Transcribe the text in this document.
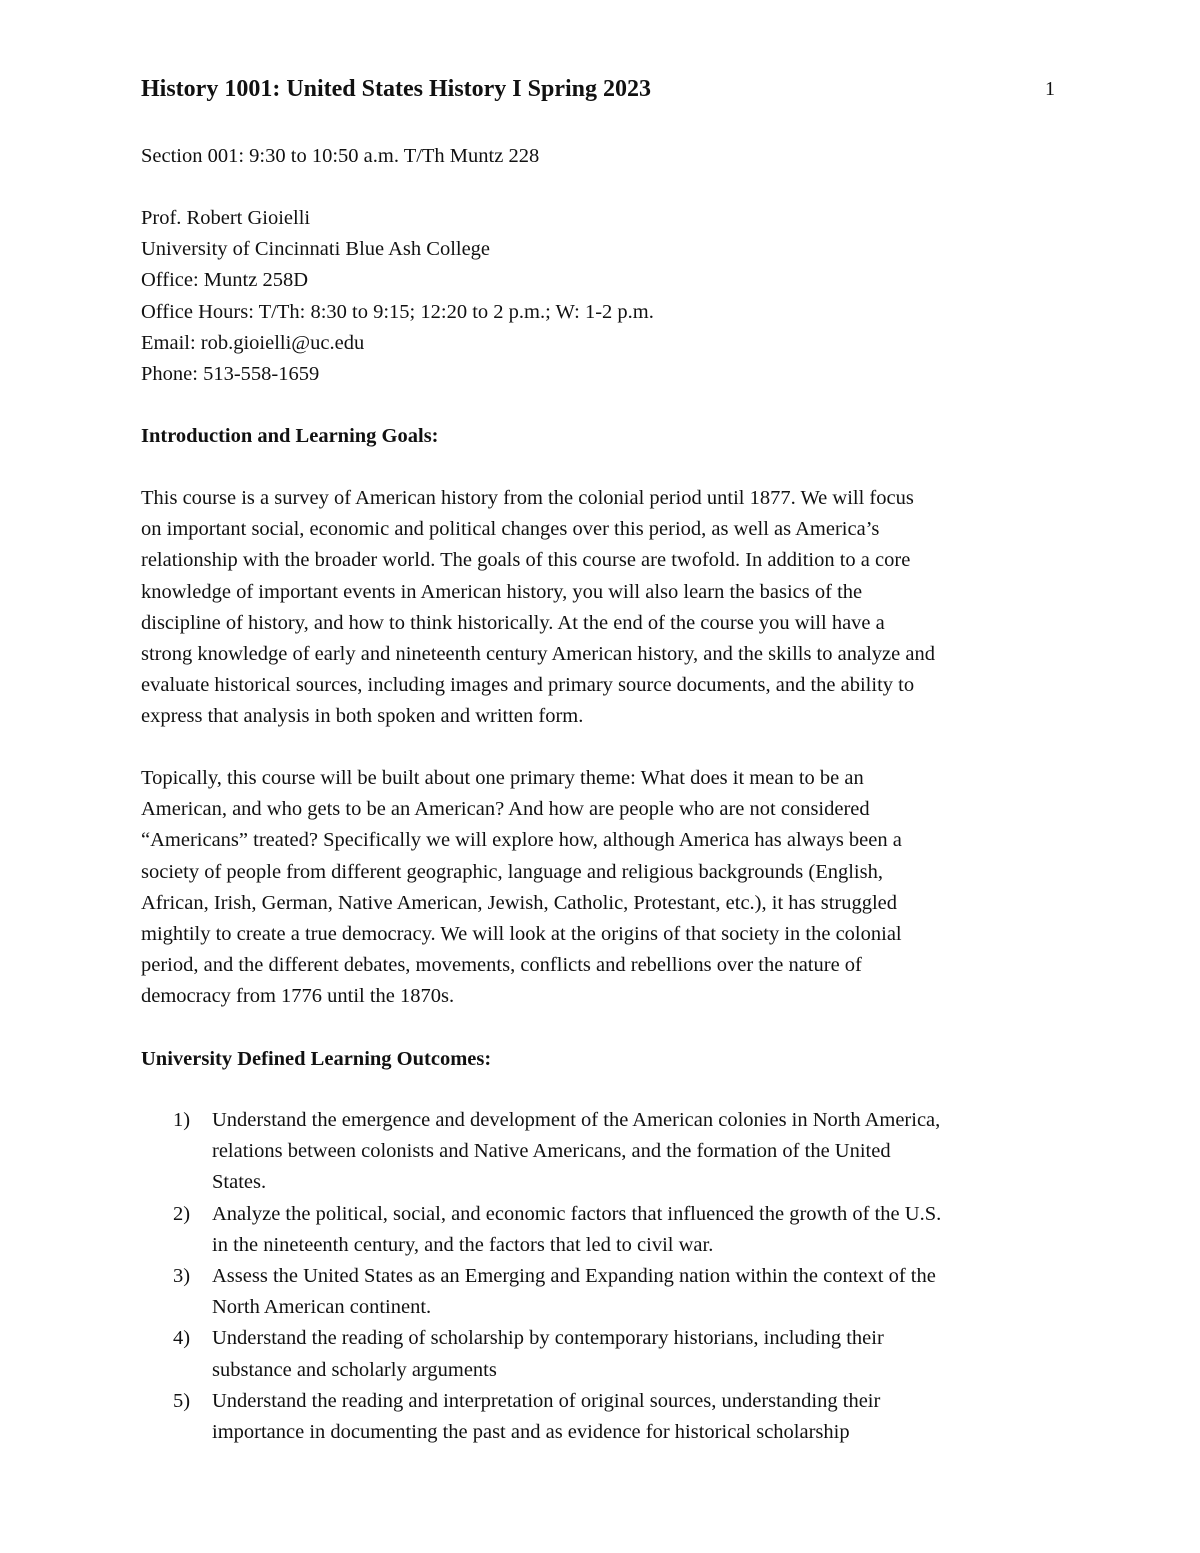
History 1001: United States History I Spring 2023	1
Section 001: 9:30 to 10:50 a.m. T/Th Muntz 228
Prof. Robert Gioielli
University of Cincinnati Blue Ash College
Office: Muntz 258D
Office Hours: T/Th: 8:30 to 9:15; 12:20 to 2 p.m.; W: 1-2 p.m.
Email: rob.gioielli@uc.edu
Phone: 513-558-1659
Introduction and Learning Goals:

This course is a survey of American history from the colonial period until 1877. We will focus
on important social, economic and political changes over this period, as well as America’s
relationship with the broader world. The goals of this course are twofold. In addition to a core
knowledge of important events in American history, you will also learn the basics of the
discipline of history, and how to think historically. At the end of the course you will have a
strong knowledge of early and nineteenth century American history, and the skills to analyze and
evaluate historical sources, including images and primary source documents, and the ability to
express that analysis in both spoken and written form.

Topically, this course will be built about one primary theme: What does it mean to be an
American, and who gets to be an American? And how are people who are not considered
“Americans” treated? Specifically we will explore how, although America has always been a
society of people from different geographic, language and religious backgrounds (English,
African, Irish, German, Native American, Jewish, Catholic, Protestant, etc.), it has struggled
mightily to create a true democracy. We will look at the origins of that society in the colonial
period, and the different debates, movements, conflicts and rebellions over the nature of
democracy from 1776 until the 1870s.

University Defined Learning Outcomes:
1) Understand the emergence and development of the American colonies in North America,
relations between colonists and Native Americans, and the formation of the United
States.
2) Analyze the political, social, and economic factors that influenced the growth of the U.S.
in the nineteenth century, and the factors that led to civil war.
3) Assess the United States as an Emerging and Expanding nation within the context of the
North American continent.
4) Understand the reading of scholarship by contemporary historians, including their
substance and scholarly arguments
5) Understand the reading and interpretation of original sources, understanding their
importance in documenting the past and as evidence for historical scholarship
